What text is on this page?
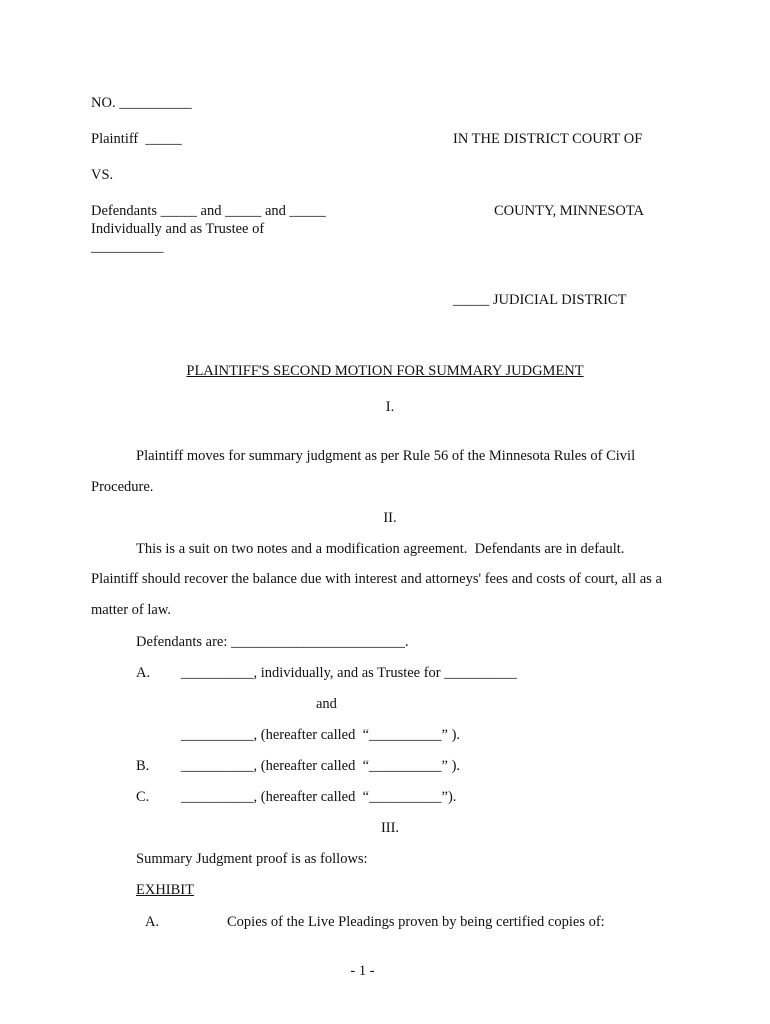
NO. __________
Plaintiff  _____
VS.
Defendants _____ and _____ and _____
Individually and as Trustee of
__________
IN THE DISTRICT COURT OF
COUNTY, MINNESOTA
_____ JUDICIAL DISTRICT
PLAINTIFF'S SECOND MOTION FOR SUMMARY JUDGMENT
I.
Plaintiff moves for summary judgment as per Rule 56 of the Minnesota Rules of Civil
Procedure.
II.
This is a suit on two notes and a modification agreement.  Defendants are in default.
Plaintiff should recover the balance due with interest and attorneys' fees and costs of court, all as a
matter of law.
Defendants are: ________________________.
A. __________, individually, and as Trustee for __________
and
__________, (hereafter called  “__________” ).
B. __________, (hereafter called  “__________” ).
C. __________, (hereafter called  “__________”).
III.
Summary Judgment proof is as follows:
EXHIBIT
A.	Copies of the Live Pleadings proven by being certified copies of:
- 1 -
